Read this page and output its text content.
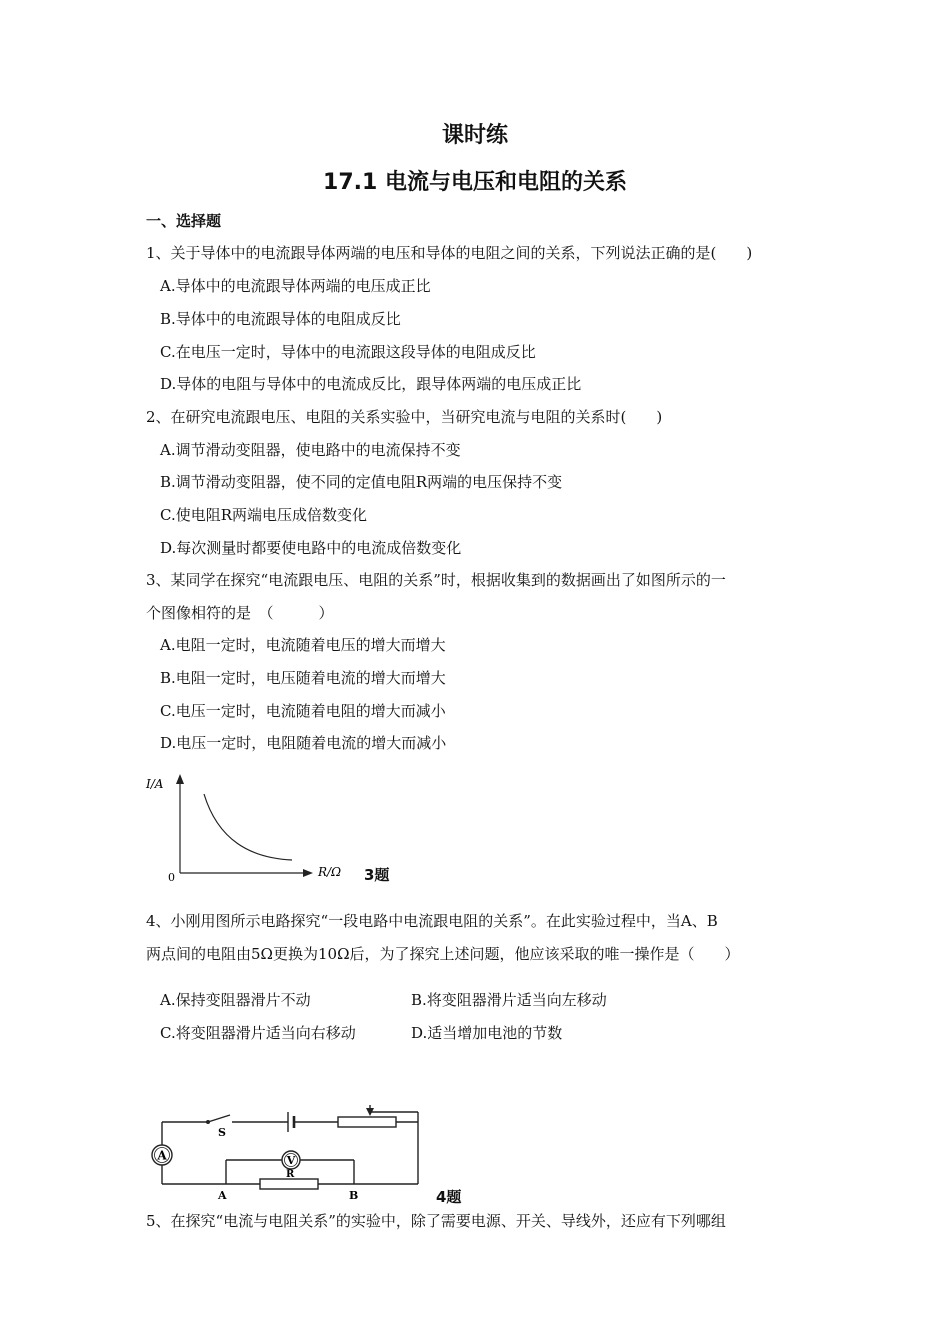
课时练
17.1 电流与电压和电阻的关系
一、选择题
1、关于导体中的电流跟导体两端的电压和导体的电阻之间的关系，下列说法正确的是(　　)
A.导体中的电流跟导体两端的电压成正比
B.导体中的电流跟导体的电阻成反比
C.在电压一定时，导体中的电流跟这段导体的电阻成反比
D.导体的电阻与导体中的电流成反比，跟导体两端的电压成正比
2、在研究电流跟电压、电阻的关系实验中，当研究电流与电阻的关系时(　　)
A.调节滑动变阻器，使电路中的电流保持不变
B.调节滑动变阻器，使不同的定值电阻R两端的电压保持不变
C.使电阻R两端电压成倍数变化
D.每次测量时都要使电路中的电流成倍数变化
3、某同学在探究“电流跟电压、电阻的关系”时，根据收集到的数据画出了如图所示的一
个图像相符的是　（　　　）
A.电阻一定时，电流随着电压的增大而增大
B.电阻一定时，电压随着电流的增大而增大
C.电压一定时，电流随着电阻的增大而减小
D.电压一定时，电阻随着电流的增大而减小
I/A
0	R/Ω 3题
4、小刚用图所示电路探究“一段电路中电流跟电阻的关系”。在此实验过程中，当A、B
两点间的电阻由5Ω更换为10Ω后，为了探究上述问题，他应该采取的唯一操作是（　　）
A.保持变阻器滑片不动	B.将变阻器滑片适当向左移动
C.将变阻器滑片适当向右移动	D.适当增加电池的节数
A	V
S
R
A	B	4题
5、在探究“电流与电阻关系”的实验中，除了需要电源、开关、导线外，还应有下列哪组
